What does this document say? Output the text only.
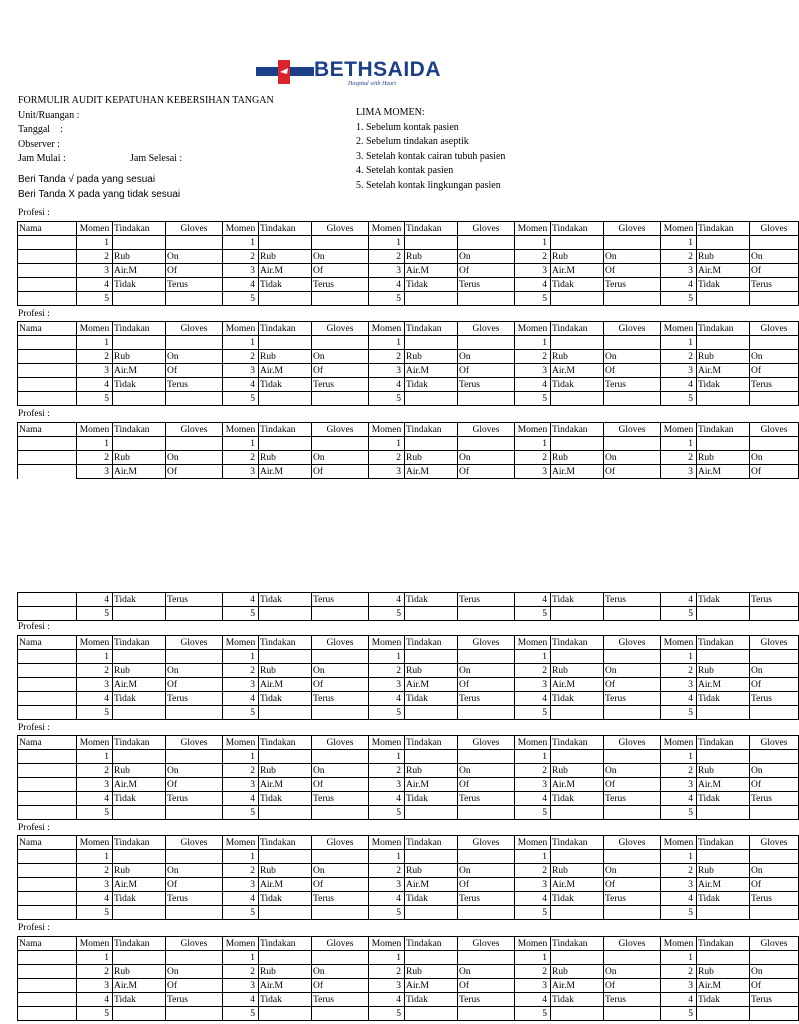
BETHSAIDA
Hospital with Heart
FORMULIR AUDIT KEPATUHAN KEBERSIHAN TANGAN
Unit/Ruangan :
Tanggal    :
Observer :
Jam Mulai :	Jam Selesai :
Beri Tanda √ pada yang sesuai
Beri Tanda X pada yang tidak sesuai
LIMA MOMEN:
1. Sebelum kontak pasien
2. Sebelum tindakan aseptik
3. Setelah kontak cairan tubuh pasien
4. Setelah kontak pasien
5. Setelah kontak lingkungan pasien
Profesi :
Nama	Momen	Tindakan	Gloves	Momen	Tindakan	Gloves	Momen	Tindakan	Gloves	Momen	Tindakan	Gloves	Momen	Tindakan	Gloves
	1			1			1			1			1		
	2	Rub	On	2	Rub	On	2	Rub	On	2	Rub	On	2	Rub	On
	3	Air.M	Of	3	Air.M	Of	3	Air.M	Of	3	Air.M	Of	3	Air.M	Of
	4	Tidak	Terus	4	Tidak	Terus	4	Tidak	Terus	4	Tidak	Terus	4	Tidak	Terus
	5			5			5			5			5		
Profesi :
Nama	Momen	Tindakan	Gloves	Momen	Tindakan	Gloves	Momen	Tindakan	Gloves	Momen	Tindakan	Gloves	Momen	Tindakan	Gloves
	1			1			1			1			1		
	2	Rub	On	2	Rub	On	2	Rub	On	2	Rub	On	2	Rub	On
	3	Air.M	Of	3	Air.M	Of	3	Air.M	Of	3	Air.M	Of	3	Air.M	Of
	4	Tidak	Terus	4	Tidak	Terus	4	Tidak	Terus	4	Tidak	Terus	4	Tidak	Terus
	5			5			5			5			5		
Profesi :
Nama	Momen	Tindakan	Gloves	Momen	Tindakan	Gloves	Momen	Tindakan	Gloves	Momen	Tindakan	Gloves	Momen	Tindakan	Gloves
	1			1			1			1			1		
	2	Rub	On	2	Rub	On	2	Rub	On	2	Rub	On	2	Rub	On
	3	Air.M	Of	3	Air.M	Of	3	Air.M	Of	3	Air.M	Of	3	Air.M	Of
	4	Tidak	Terus	4	Tidak	Terus	4	Tidak	Terus	4	Tidak	Terus	4	Tidak	Terus
	5			5			5			5			5		
Profesi :
Nama	Momen	Tindakan	Gloves	Momen	Tindakan	Gloves	Momen	Tindakan	Gloves	Momen	Tindakan	Gloves	Momen	Tindakan	Gloves
	1			1			1			1			1		
	2	Rub	On	2	Rub	On	2	Rub	On	2	Rub	On	2	Rub	On
	3	Air.M	Of	3	Air.M	Of	3	Air.M	Of	3	Air.M	Of	3	Air.M	Of
	4	Tidak	Terus	4	Tidak	Terus	4	Tidak	Terus	4	Tidak	Terus	4	Tidak	Terus
	5			5			5			5			5		
Profesi :
Nama	Momen	Tindakan	Gloves	Momen	Tindakan	Gloves	Momen	Tindakan	Gloves	Momen	Tindakan	Gloves	Momen	Tindakan	Gloves
	1			1			1			1			1		
	2	Rub	On	2	Rub	On	2	Rub	On	2	Rub	On	2	Rub	On
	3	Air.M	Of	3	Air.M	Of	3	Air.M	Of	3	Air.M	Of	3	Air.M	Of
	4	Tidak	Terus	4	Tidak	Terus	4	Tidak	Terus	4	Tidak	Terus	4	Tidak	Terus
	5			5			5			5			5		
Profesi :
Nama	Momen	Tindakan	Gloves	Momen	Tindakan	Gloves	Momen	Tindakan	Gloves	Momen	Tindakan	Gloves	Momen	Tindakan	Gloves
	1			1			1			1			1		
	2	Rub	On	2	Rub	On	2	Rub	On	2	Rub	On	2	Rub	On
	3	Air.M	Of	3	Air.M	Of	3	Air.M	Of	3	Air.M	Of	3	Air.M	Of
	4	Tidak	Terus	4	Tidak	Terus	4	Tidak	Terus	4	Tidak	Terus	4	Tidak	Terus
	5			5			5			5			5		
Profesi :
Nama	Momen	Tindakan	Gloves	Momen	Tindakan	Gloves	Momen	Tindakan	Gloves	Momen	Tindakan	Gloves	Momen	Tindakan	Gloves
	1			1			1			1			1		
	2	Rub	On	2	Rub	On	2	Rub	On	2	Rub	On	2	Rub	On
	3	Air.M	Of	3	Air.M	Of	3	Air.M	Of	3	Air.M	Of	3	Air.M	Of
	4	Tidak	Terus	4	Tidak	Terus	4	Tidak	Terus	4	Tidak	Terus	4	Tidak	Terus
	5			5			5			5			5		
